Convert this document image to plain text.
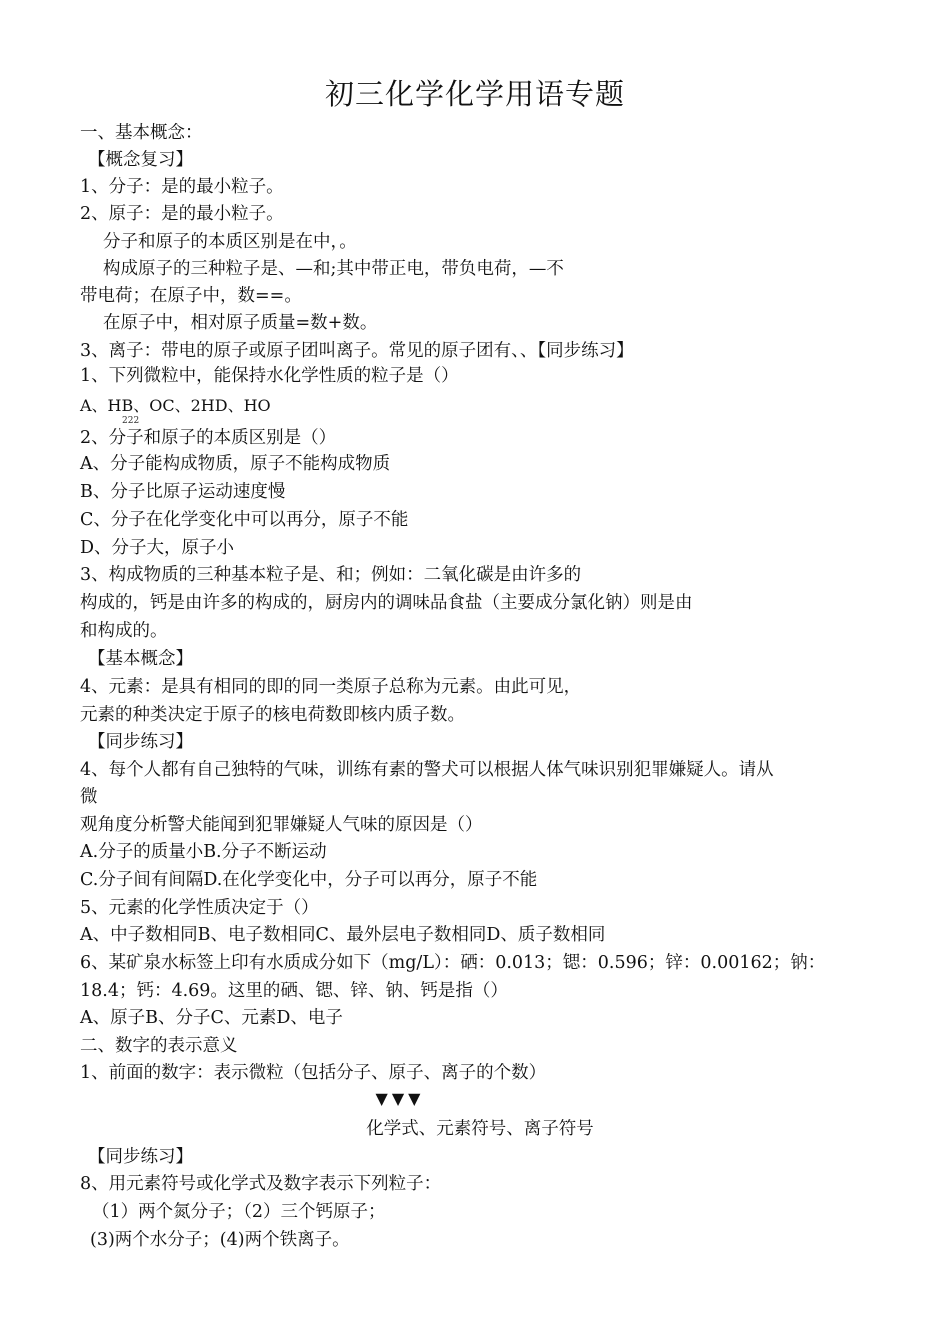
初三化学化学用语专题
一、基本概念：
【概念复习】
1、分子：是的最小粒子。
2、原子：是的最小粒子。
分子和原子的本质区别是在中，。
构成原子的三种粒子是、—和;其中带正电，带负电荷，—不
带电荷；在原子中，数==。
在原子中，相对原子质量=数+数。
3、离子：带电的原子或原子团叫离子。常见的原子团有、、【同步练习】
1、下列微粒中，能保持水化学性质的粒子是（）
A、HB、OC、2HD、HO
222
2、分子和原子的本质区别是（）
A、分子能构成物质，原子不能构成物质
B、分子比原子运动速度慢
C、分子在化学变化中可以再分，原子不能
D、分子大，原子小
3、构成物质的三种基本粒子是、和；例如：二氧化碳是由许多的
构成的，钙是由许多的构成的，厨房内的调味品食盐（主要成分氯化钠）则是由
和构成的。
【基本概念】
4、元素：是具有相同的即的同一类原子总称为元素。由此可见，
元素的种类决定于原子的核电荷数即核内质子数。
【同步练习】
4、每个人都有自己独特的气味，训练有素的警犬可以根据人体气味识别犯罪嫌疑人。请从
微
观角度分析警犬能闻到犯罪嫌疑人气味的原因是（）
A.分子的质量小B.分子不断运动
C.分子间有间隔D.在化学变化中，分子可以再分，原子不能
5、元素的化学性质决定于（）
A、中子数相同B、电子数相同C、最外层电子数相同D、质子数相同
6、某矿泉水标签上印有水质成分如下（mg/L）：硒：0.013；锶：0.596；锌：0.00162；钠：
18.4；钙：4.69。这里的硒、锶、锌、钠、钙是指（）
A、原子B、分子C、元素D、电子
二、数字的表示意义
1、前面的数字：表示微粒（包括分子、原子、离子的个数）
▼▼▼
化学式、元素符号、离子符号
【同步练习】
8、用元素符号或化学式及数字表示下列粒子：
（1）两个氮分子；（2）三个钙原子；
(3)两个水分子；(4)两个铁离子。
